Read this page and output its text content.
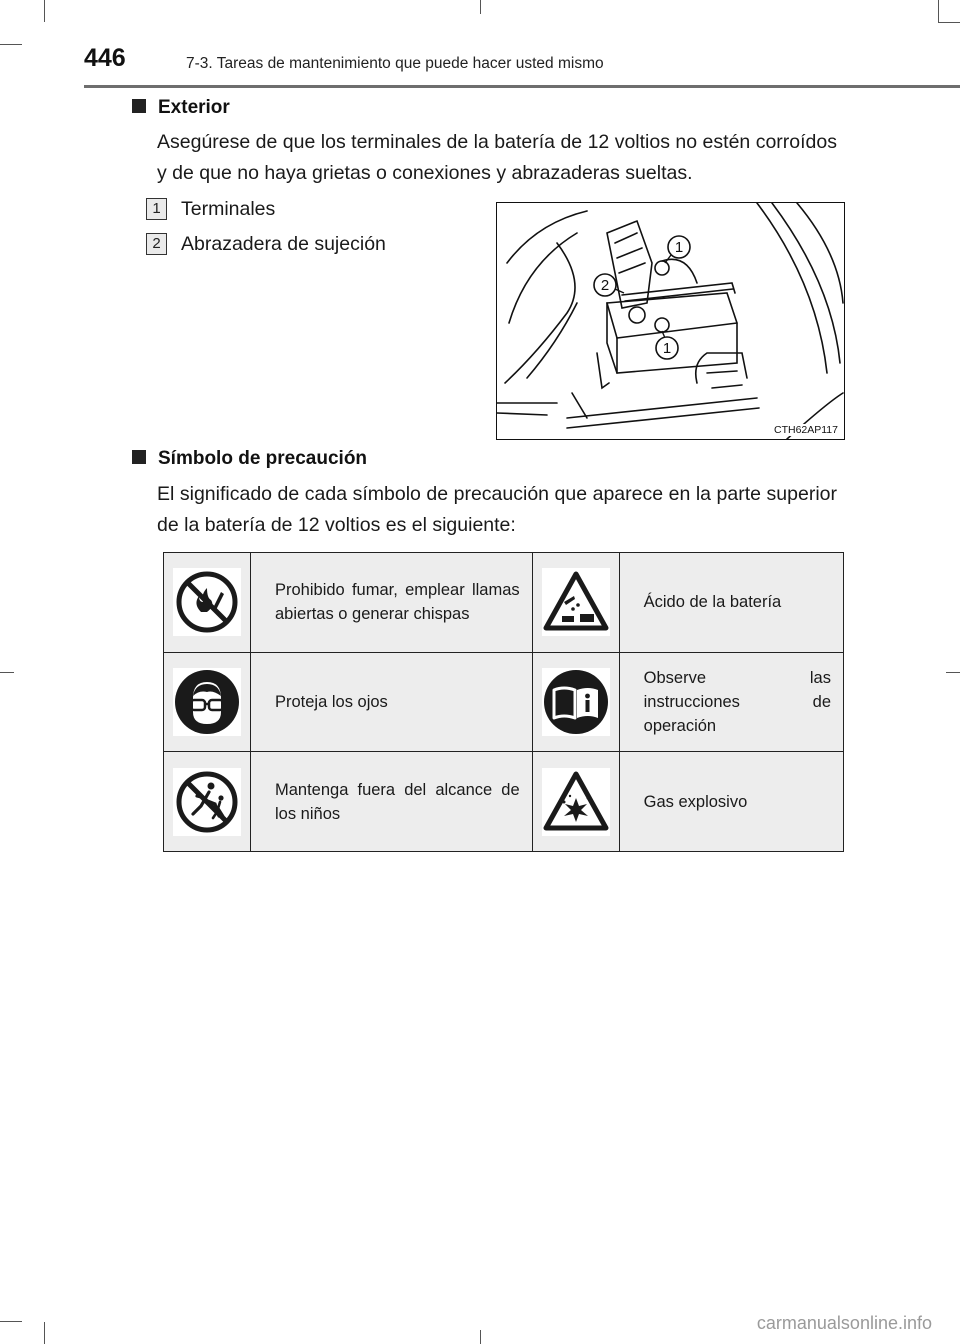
446	7-3. Tareas de mantenimiento que puede hacer usted mismo
Exterior
Asegúrese de que los terminales de la batería de 12 voltios no estén corroídos y de que no haya grietas o conexiones y abrazaderas sueltas.
1 Terminales
2 Abrazadera de sujeción	1
2
1
CTH62AP117
Símbolo de precaución
El significado de cada símbolo de precaución que aparece en la parte superior de la batería de 12 voltios es el siguiente:
	Prohibido fumar, emplear llamas abiertas o generar chispas		Ácido de la batería
	Proteja los ojos		Observe las instrucciones de operación
	Mantenga fuera del alcance de los niños		Gas explosivo
carmanualsonline.info
